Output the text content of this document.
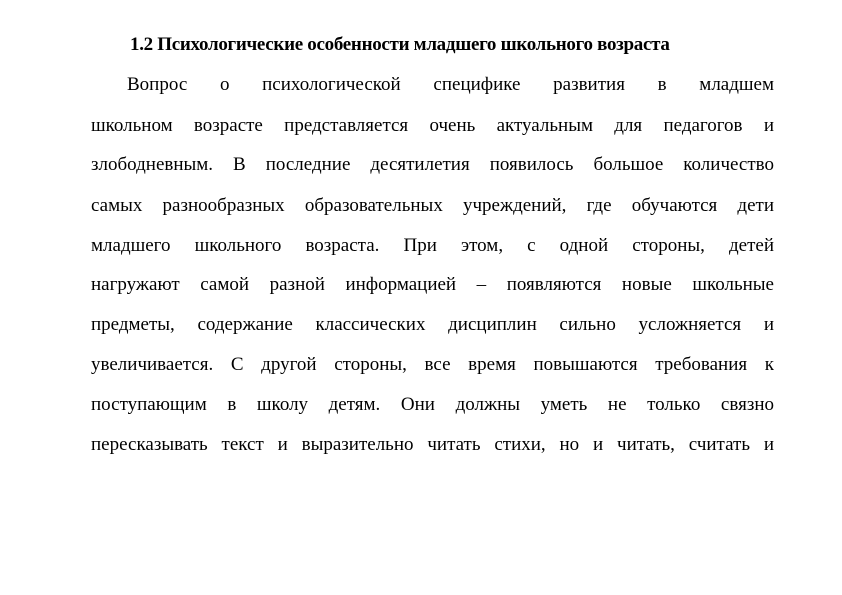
1.2 Психологические особенности младшего школьного возраста
Вопрос о психологической специфике развития в младшем
школьном возрасте представляется очень актуальным для педагогов и
злободневным. В последние десятилетия появилось большое количество
самых разнообразных образовательных учреждений, где обучаются дети
младшего школьного возраста. При этом, с одной стороны, детей
нагружают самой разной информацией – появляются новые школьные
предметы, содержание классических дисциплин сильно усложняется и
увеличивается. С другой стороны, все время повышаются требования к
поступающим в школу детям. Они должны уметь не только связно
пересказывать текст и выразительно читать стихи, но и читать, считать и
